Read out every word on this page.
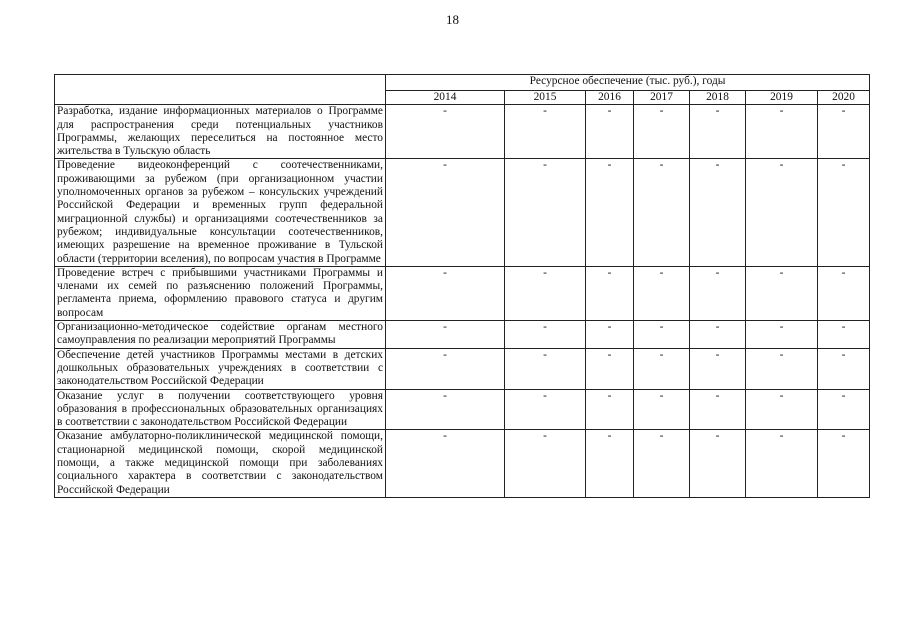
18
	Ресурсное обеспечение (тыс. руб.), годы						
	2014	2015	2016	2017	2018	2019	2020
Разработка, издание информационных материалов о Программе для распространения среди потенциальных участников Программы, желающих переселиться на постоянное место жительства в Тульскую область	-	-	-	-	-	-	-
Проведение видеоконференций с соотечественниками, проживающими за рубежом (при организационном участии уполномоченных органов за рубежом – консульских учреждений Российской Федерации и временных групп федеральной миграционной службы) и организациями соотечественников за рубежом; индивидуальные консультации соотечественников, имеющих разрешение на временное проживание в Тульской области (территории вселения), по вопросам участия в Программе	-	-	-	-	-	-	-
Проведение встреч с прибывшими участниками Программы и членами их семей по разъяснению положений Программы, регламента приема, оформлению правового статуса и другим вопросам	-	-	-	-	-	-	-
Организационно-методическое содействие органам местного самоуправления по реализации мероприятий Программы	-	-	-	-	-	-	-
Обеспечение детей участников Программы местами в детских дошкольных образовательных учреждениях в соответствии с законодательством Российской Федерации	-	-	-	-	-	-	-
Оказание услуг в получении соответствующего уровня образования в профессиональных образовательных организациях в соответствии с законодательством Российской Федерации	-	-	-	-	-	-	-
Оказание амбулаторно-поликлинической медицинской помощи, стационарной медицинской помощи, скорой медицинской помощи, а также медицинской помощи при заболеваниях социального характера в соответствии с законодательством Российской Федерации	-	-	-	-	-	-	-
